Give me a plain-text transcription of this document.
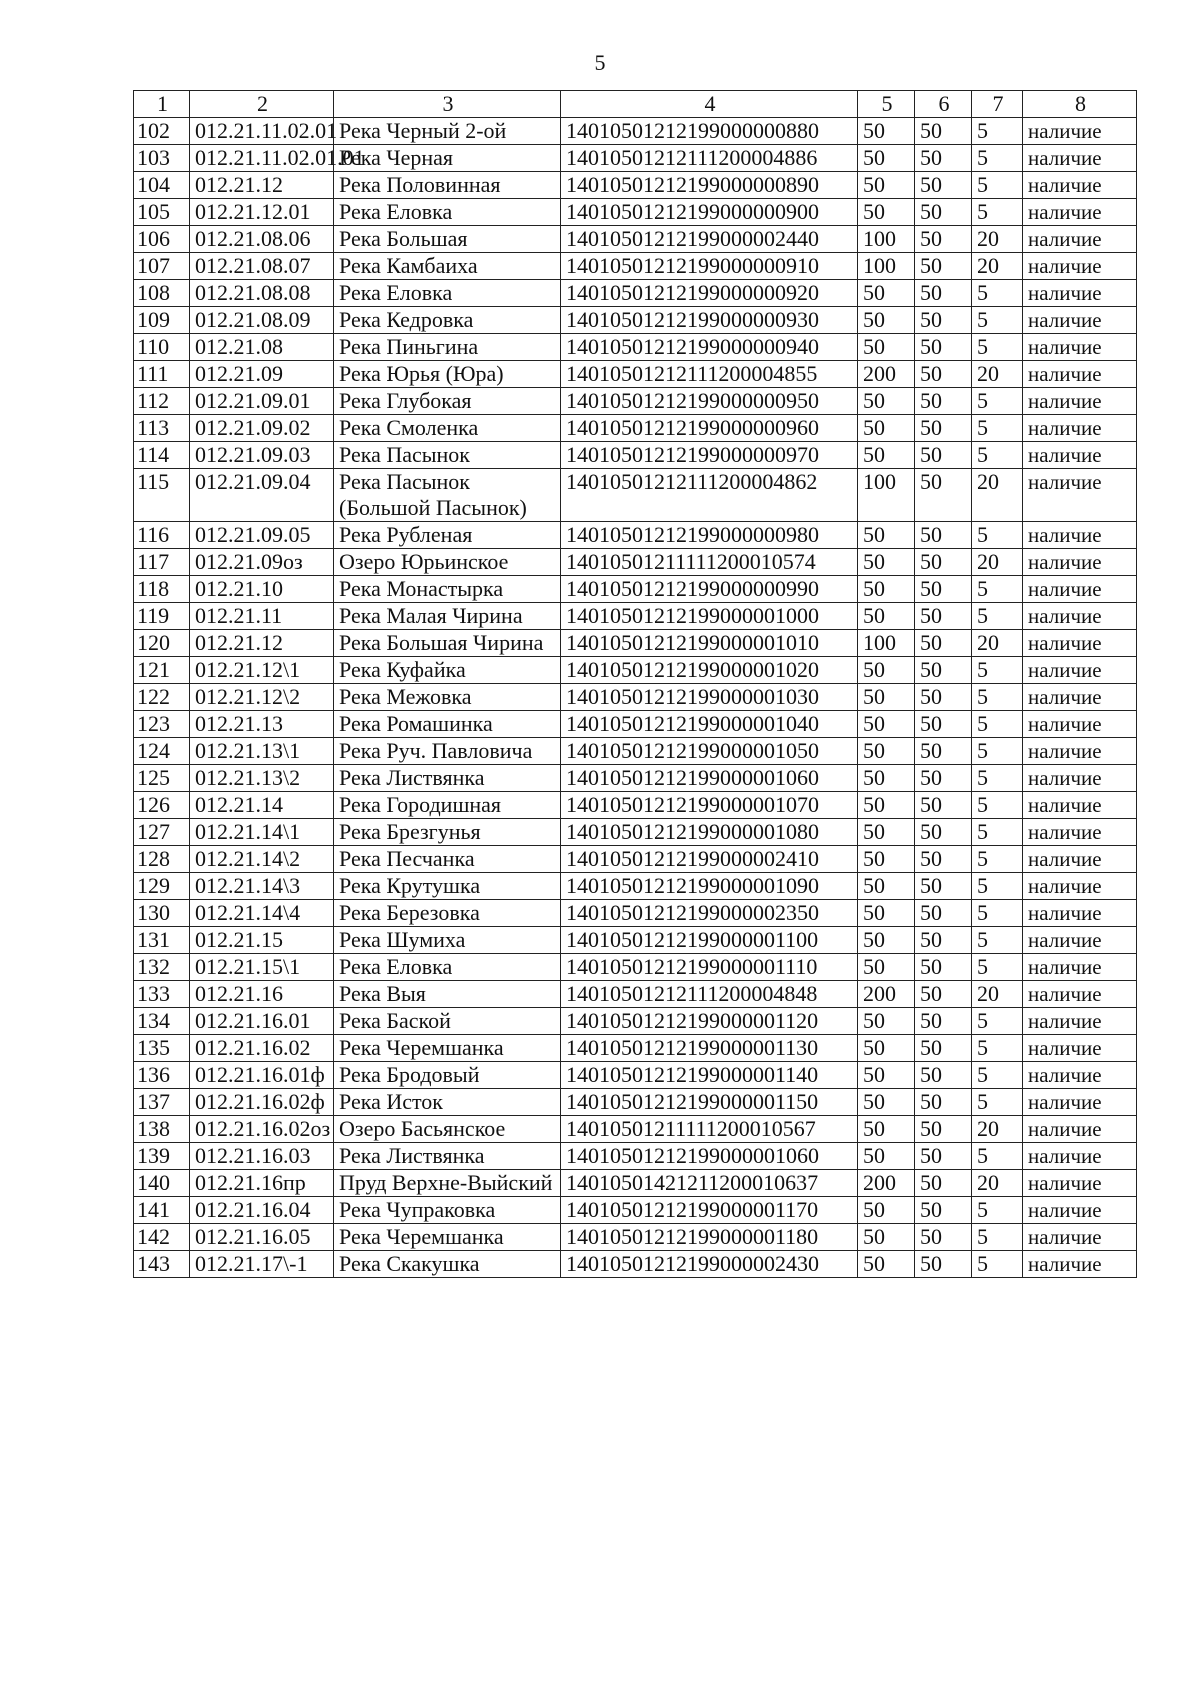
5
1	2	3	4	5	6	7	8
102	012.21.11.02.01	Река Черный 2-ой	14010501212199000000880	50	50	5	наличие
103	012.21.11.02.01.01	Река Черная	14010501212111200004886	50	50	5	наличие
104	012.21.12	Река Половинная	14010501212199000000890	50	50	5	наличие
105	012.21.12.01	Река Еловка	14010501212199000000900	50	50	5	наличие
106	012.21.08.06	Река Большая	14010501212199000002440	100	50	20	наличие
107	012.21.08.07	Река Камбаиха	14010501212199000000910	100	50	20	наличие
108	012.21.08.08	Река Еловка	14010501212199000000920	50	50	5	наличие
109	012.21.08.09	Река Кедровка	14010501212199000000930	50	50	5	наличие
110	012.21.08	Река Пиньгина	14010501212199000000940	50	50	5	наличие
111	012.21.09	Река Юрья (Юра)	14010501212111200004855	200	50	20	наличие
112	012.21.09.01	Река Глубокая	14010501212199000000950	50	50	5	наличие
113	012.21.09.02	Река Смоленка	14010501212199000000960	50	50	5	наличие
114	012.21.09.03	Река Пасынок	14010501212199000000970	50	50	5	наличие
115	012.21.09.04	Река Пасынок (Большой Пасынок)	14010501212111200004862	100	50	20	наличие
116	012.21.09.05	Река Рубленая	14010501212199000000980	50	50	5	наличие
117	012.21.09оз	Озеро Юрьинское	14010501211111200010574	50	50	20	наличие
118	012.21.10	Река Монастырка	14010501212199000000990	50	50	5	наличие
119	012.21.11	Река Малая Чирина	14010501212199000001000	50	50	5	наличие
120	012.21.12	Река Большая Чирина	14010501212199000001010	100	50	20	наличие
121	012.21.12\1	Река Куфайка	14010501212199000001020	50	50	5	наличие
122	012.21.12\2	Река Межовка	14010501212199000001030	50	50	5	наличие
123	012.21.13	Река Ромашинка	14010501212199000001040	50	50	5	наличие
124	012.21.13\1	Река Руч. Павловича	14010501212199000001050	50	50	5	наличие
125	012.21.13\2	Река Листвянка	14010501212199000001060	50	50	5	наличие
126	012.21.14	Река Городишная	14010501212199000001070	50	50	5	наличие
127	012.21.14\1	Река Брезгунья	14010501212199000001080	50	50	5	наличие
128	012.21.14\2	Река Песчанка	14010501212199000002410	50	50	5	наличие
129	012.21.14\3	Река Крутушка	14010501212199000001090	50	50	5	наличие
130	012.21.14\4	Река Березовка	14010501212199000002350	50	50	5	наличие
131	012.21.15	Река Шумиха	14010501212199000001100	50	50	5	наличие
132	012.21.15\1	Река Еловка	14010501212199000001110	50	50	5	наличие
133	012.21.16	Река Выя	14010501212111200004848	200	50	20	наличие
134	012.21.16.01	Река Баской	14010501212199000001120	50	50	5	наличие
135	012.21.16.02	Река Черемшанка	14010501212199000001130	50	50	5	наличие
136	012.21.16.01ф	Река Бродовый	14010501212199000001140	50	50	5	наличие
137	012.21.16.02ф	Река Исток	14010501212199000001150	50	50	5	наличие
138	012.21.16.02оз	Озеро Басьянское	14010501211111200010567	50	50	20	наличие
139	012.21.16.03	Река Листвянка	14010501212199000001060	50	50	5	наличие
140	012.21.16пр	Пруд Верхне-Выйский	14010501421211200010637	200	50	20	наличие
141	012.21.16.04	Река Чупраковка	14010501212199000001170	50	50	5	наличие
142	012.21.16.05	Река Черемшанка	14010501212199000001180	50	50	5	наличие
143	012.21.17\-1	Река Скакушка	14010501212199000002430	50	50	5	наличие
